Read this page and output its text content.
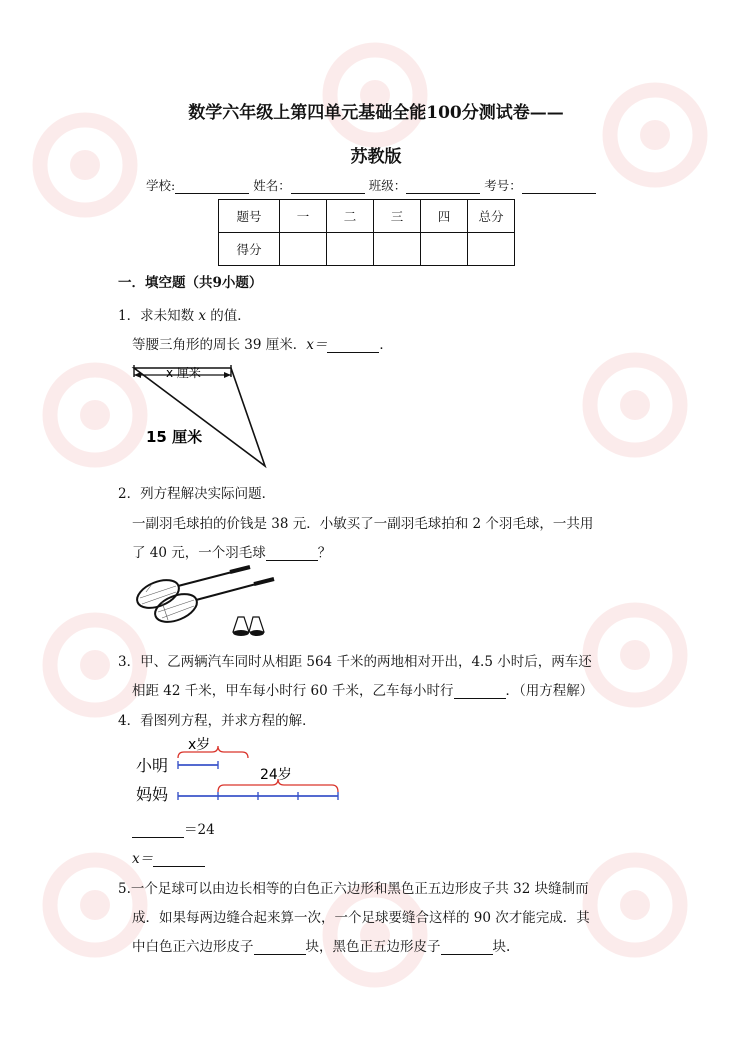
数学六年级上第四单元基础全能100分测试卷——
苏教版
学校:	姓名：	班级：	考号：
题号	一	二	三	四	总分
得分					
一．填空题（共9小题）
1．求未知数 x 的值．
等腰三角形的周长 39 厘米．x＝	．
x 厘米
15 厘米
2．列方程解决实际问题．
一副羽毛球拍的价钱是 38 元．小敏买了一副羽毛球拍和 2 个羽毛球，一共用
了 40 元，一个羽毛球	？
3．甲、乙两辆汽车同时从相距 564 千米的两地相对开出，4.5 小时后，两车还
相距 42 千米，甲车每小时行 60 千米，乙车每小时行	．（用方程解）
4．看图列方程，并求方程的解．
小明
妈妈
x岁
24岁
＝24
x＝
5.一个足球可以由边长相等的白色正六边形和黑色正五边形皮子共 32 块缝制而
成．如果每两边缝合起来算一次，一个足球要缝合这样的 90 次才能完成．其
中白色正六边形皮子	块，黑色正五边形皮子	块.
